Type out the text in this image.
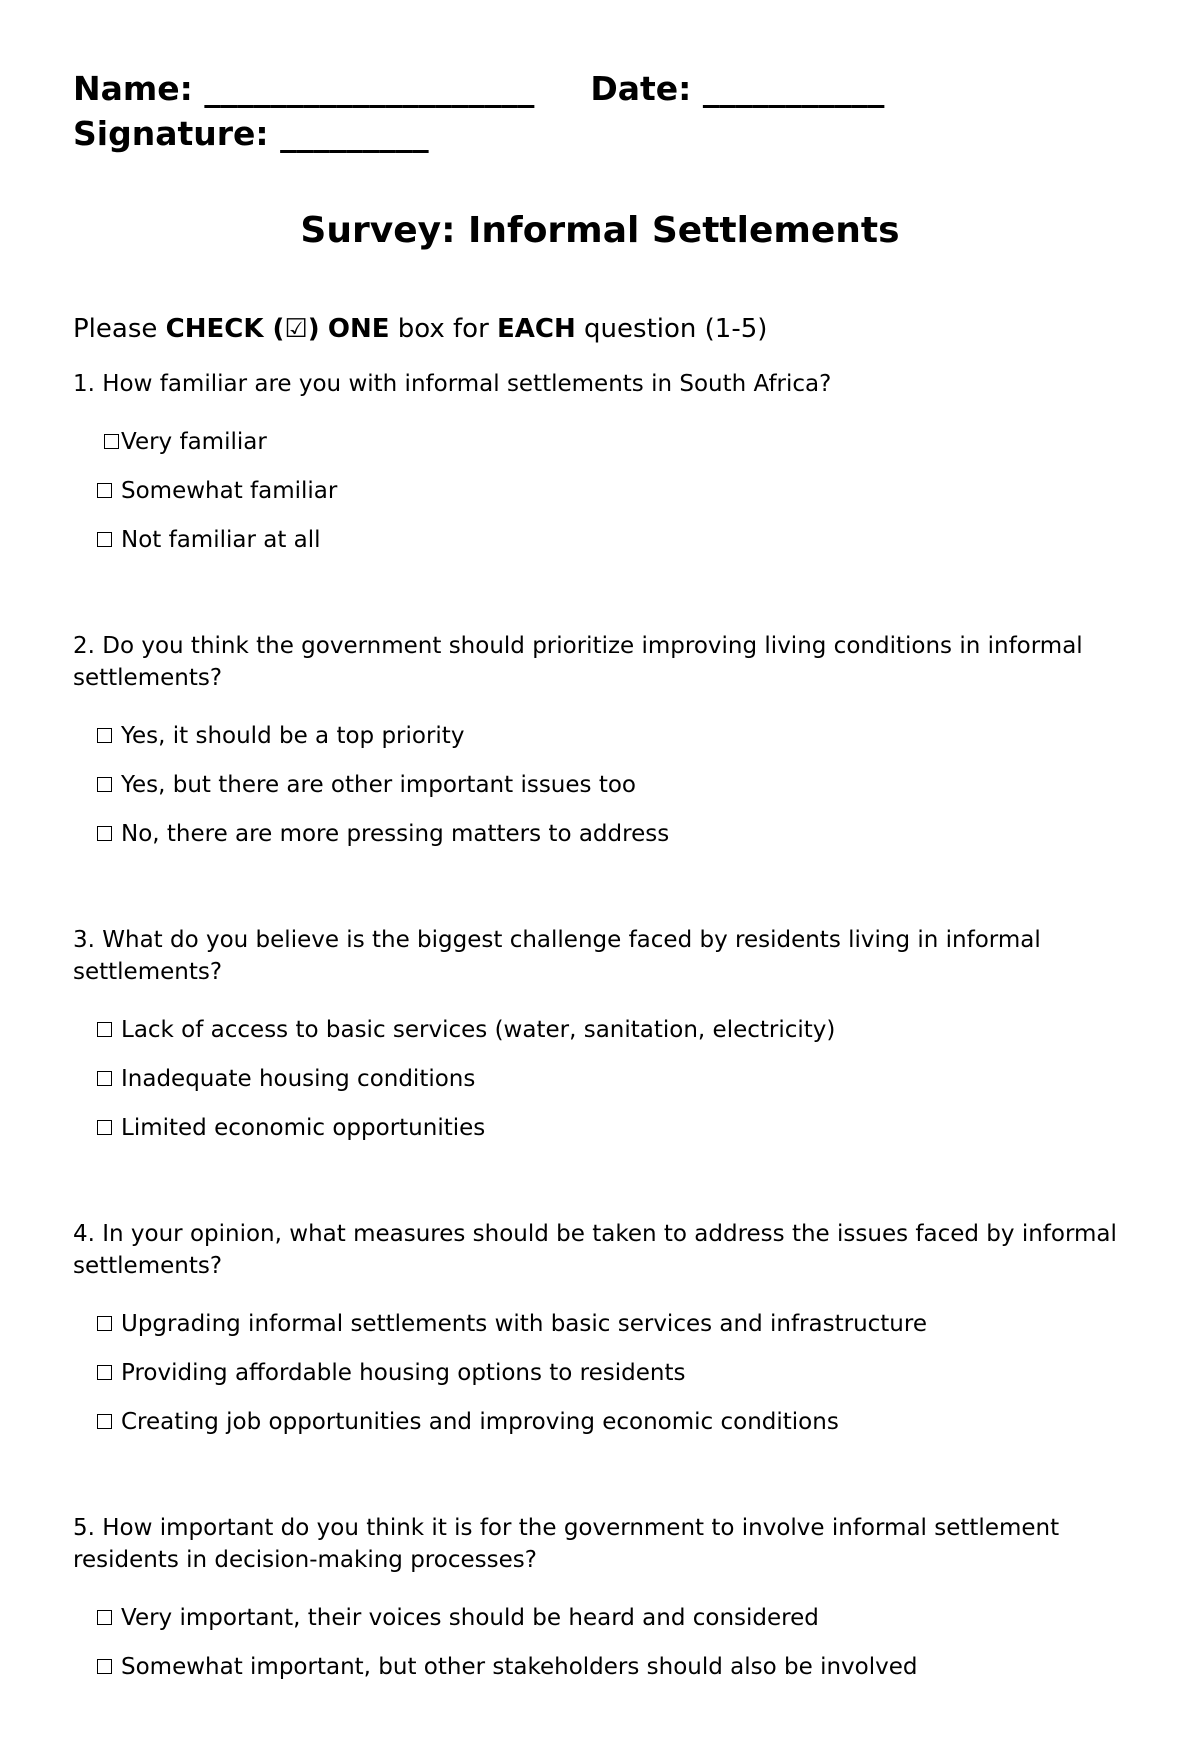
Name: ____________________ Date: ___________
Signature: _________
Survey: Informal Settlements
Please CHECK (☑) ONE box for EACH question (1-5)
1. How familiar are you with informal settlements in South Africa?
Very familiar
Somewhat familiar
Not familiar at all
2. Do you think the government should prioritize improving living conditions in informal settlements?
Yes, it should be a top priority
Yes, but there are other important issues too
No, there are more pressing matters to address
3. What do you believe is the biggest challenge faced by residents living in informal settlements?
Lack of access to basic services (water, sanitation, electricity)
Inadequate housing conditions
Limited economic opportunities
4. In your opinion, what measures should be taken to address the issues faced by informal settlements?
Upgrading informal settlements with basic services and infrastructure
Providing affordable housing options to residents
Creating job opportunities and improving economic conditions
5. How important do you think it is for the government to involve informal settlement residents in decision-making processes?
Very important, their voices should be heard and considered
Somewhat important, but other stakeholders should also be involved
